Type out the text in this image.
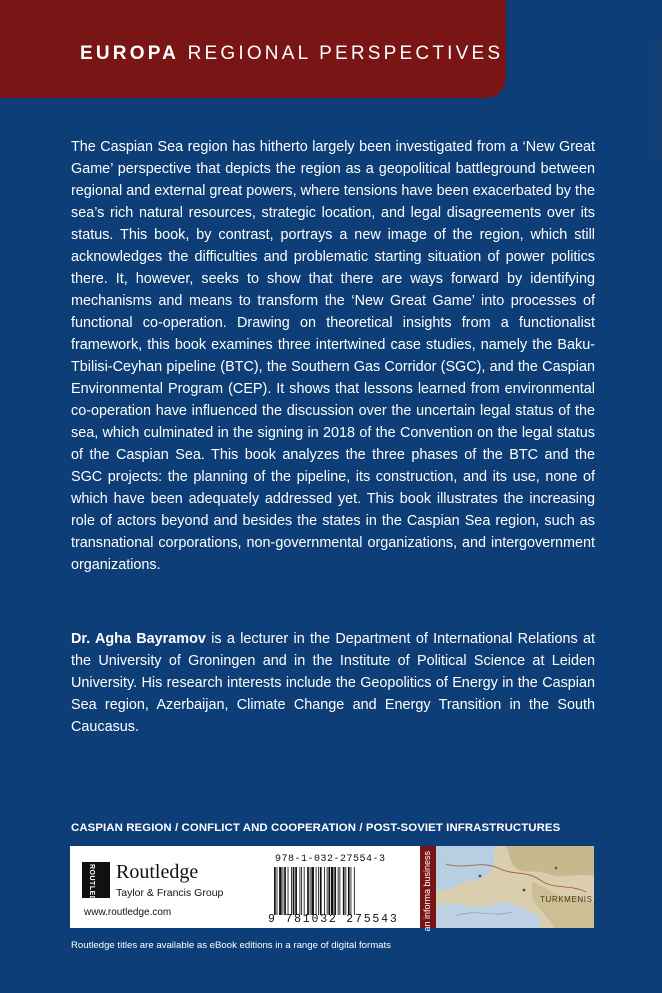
EUROPA REGIONAL PERSPECTIVES

The Caspian Sea region has hitherto largely been investigated from a ‘New Great Game’ perspective that depicts the region as a geopolitical battleground between regional and external great powers, where tensions have been exacerbated by the sea’s rich natural resources, strategic location, and legal disagreements over its status. This book, by contrast, portrays a new image of the region, which still acknowledges the difficulties and problematic starting situation of power politics there. It, however, seeks to show that there are ways forward by identifying mechanisms and means to transform the ‘New Great Game’ into processes of functional co-operation. Drawing on theoretical insights from a functionalist framework, this book examines three intertwined case studies, namely the Baku-Tbilisi-Ceyhan pipeline (BTC), the Southern Gas Corridor (SGC), and the Caspian Environmental Program (CEP). It shows that lessons learned from environmental co-operation have influenced the discussion over the uncertain legal status of the sea, which culminated in the signing in 2018 of the Convention on the legal status of the Caspian Sea. This book analyzes the three phases of the BTC and the SGC projects: the planning of the pipeline, its construction, and its use, none of which have been adequately addressed yet. This book illustrates the increasing role of actors beyond and besides the states in the Caspian Sea region, such as transnational corporations, non-governmental organizations, and intergovernment organizations.

Dr. Agha Bayramov is a lecturer in the Department of International Relations at the University of Groningen and in the Institute of Political Science at Leiden University. His research interests include the Geopolitics of Energy in the Caspian Sea region, Azerbaijan, Climate Change and Energy Transition in the South Caucasus.

CASPIAN REGION / CONFLICT AND COOPERATION / POST-SOVIET INFRASTRUCTURES
ROUTLEDGE Routledge
Taylor & Francis Group
www.routledge.com
978-1-032-27554-3
9 781032 275543	an informa business	TURKMENIS
Routledge titles are available as eBook editions in a range of digital formats
